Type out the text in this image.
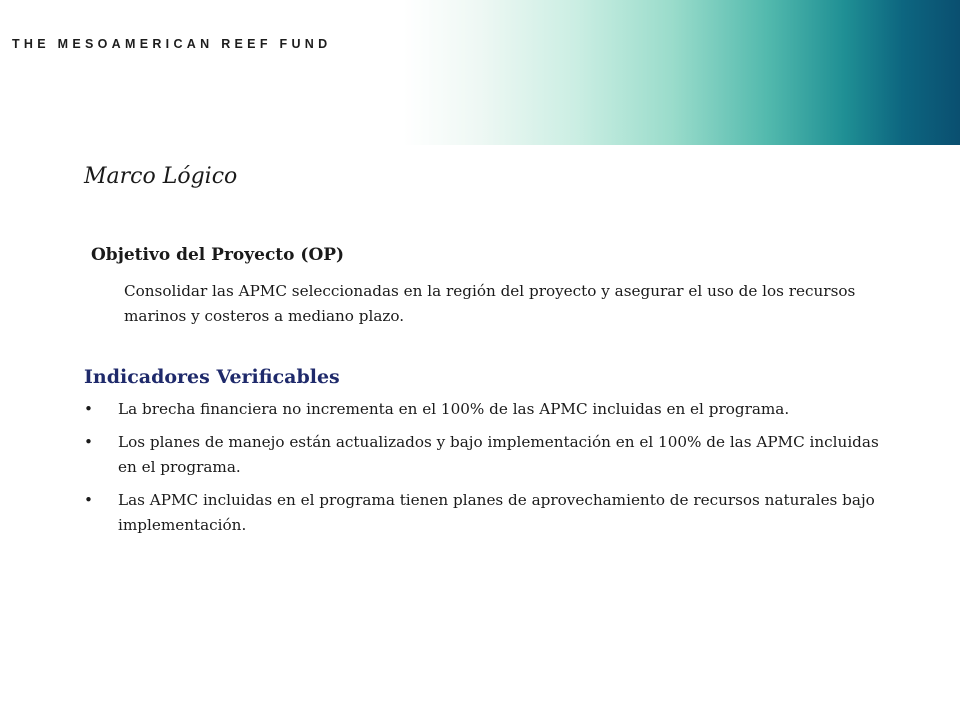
THE MESOAMERICAN REEF FUND
Marco Lógico
Objetivo del Proyecto (OP)
Consolidar las APMC seleccionadas en la región del proyecto y asegurar el uso de los recursos marinos y costeros a mediano plazo.
Indicadores Verificables
•	La brecha financiera no incrementa en el 100% de las APMC incluidas en el programa.
•	Los planes de manejo están actualizados y bajo implementación en el 100% de las APMC incluidas en el programa.
•	Las APMC incluidas en el programa tienen planes de aprovechamiento de recursos naturales bajo implementación.
